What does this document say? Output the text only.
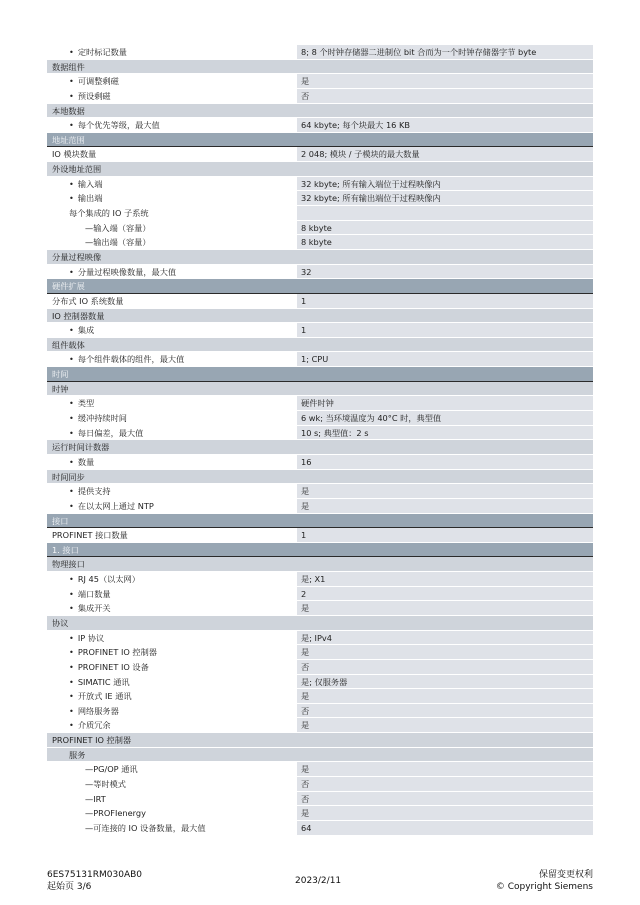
• 定时标记数量	8; 8 个时钟存储器二进制位 bit 合而为一个时钟存储器字节 byte
数据组件
• 可调整剩磁	是
• 预设剩磁	否
本地数据
• 每个优先等级，最大值	64 kbyte; 每个块最大 16 KB
地址范围
IO 模块数量	2 048; 模块 / 子模块的最大数量
外设地址范围
• 输入端	32 kbyte; 所有输入端位于过程映像内
• 输出端	32 kbyte; 所有输出端位于过程映像内
每个集成的 IO 子系统
— 输入端（容量）	8 kbyte
— 输出端（容量）	8 kbyte
分量过程映像
• 分量过程映像数量，最大值	32
硬件扩展
分布式 IO 系统数量	1
IO 控制器数量
• 集成	1
组件载体
• 每个组件载体的组件，最大值	1; CPU
时间
时钟
• 类型	硬件时钟
• 缓冲持续时间	6 wk; 当环境温度为 40°C 时，典型值
• 每日偏差，最大值	10 s; 典型值：2 s
运行时间计数器
• 数量	16
时间同步
• 提供支持	是
• 在以太网上通过 NTP	是
接口
PROFINET 接口数量	1
1. 接口
物理接口
• RJ 45（以太网）	是; X1
• 端口数量	2
• 集成开关	是
协议
• IP 协议	是; IPv4
• PROFINET IO 控制器	是
• PROFINET IO 设备	否
• SIMATIC 通讯	是; 仅服务器
• 开放式 IE 通讯	是
• 网络服务器	否
• 介质冗余	是
PROFINET IO 控制器
服务
— PG/OP 通讯	是
— 等时模式	否
— IRT	否
— PROFIenergy	是
— 可连接的 IO 设备数量，最大值	64
6ES75131RM030AB0
起始页 3/6
2023/2/11
保留变更权利
© Copyright Siemens
